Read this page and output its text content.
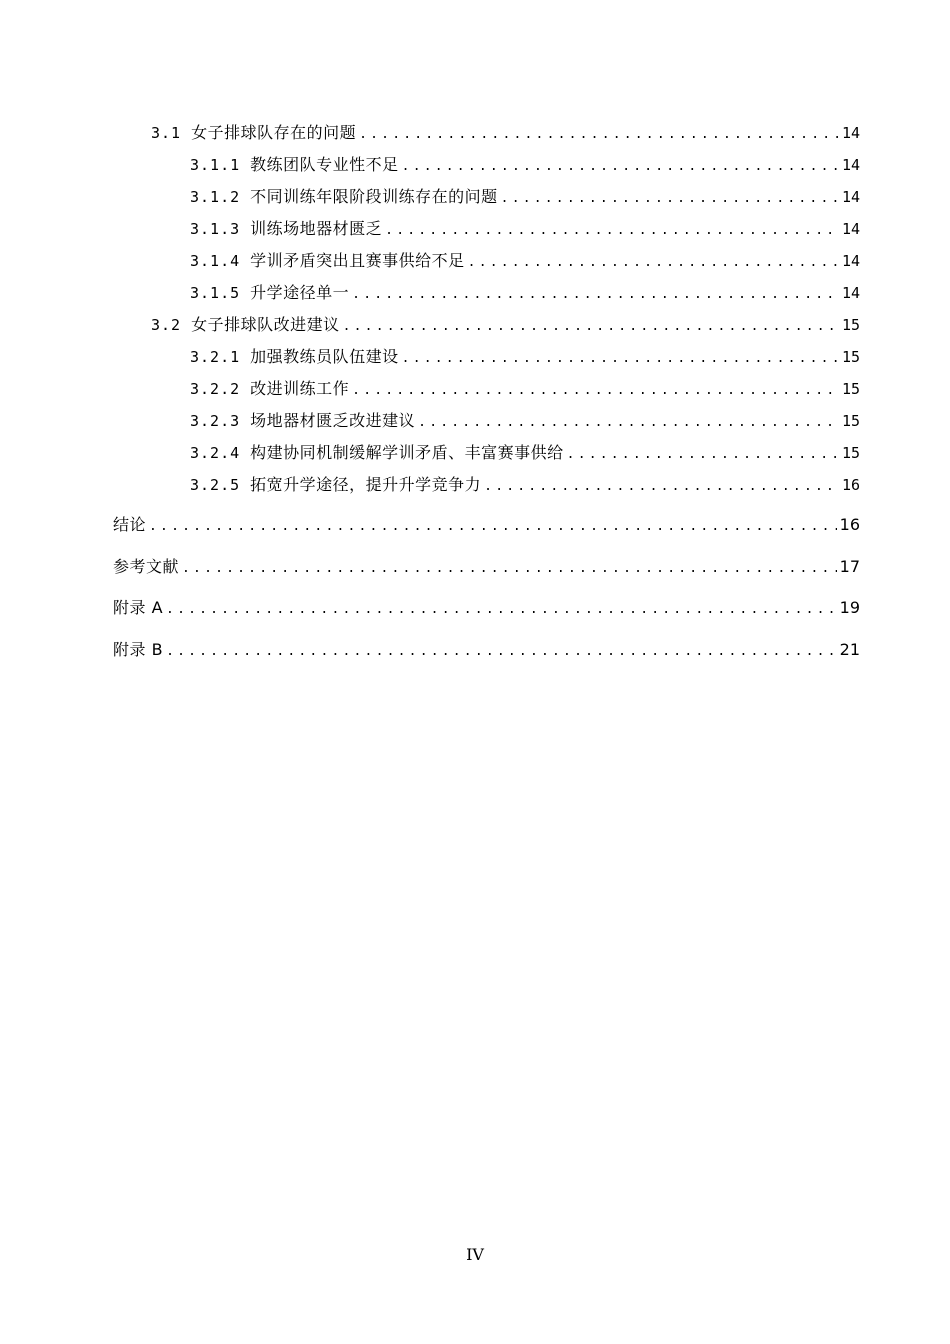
3.1 女子排球队存在的问题 .....	14
3.1.1 教练团队专业性不足 .....	14
3.1.2 不同训练年限阶段训练存在的问题 .....	14
3.1.3 训练场地器材匮乏 .....	14
3.1.4 学训矛盾突出且赛事供给不足 .....	14
3.1.5 升学途径单一 .....	14
3.2 女子排球队改进建议 .....	15
3.2.1 加强教练员队伍建设 .....	15
3.2.2 改进训练工作 .....	15
3.2.3 场地器材匮乏改进建议 .....	15
3.2.4 构建协同机制缓解学训矛盾、丰富赛事供给 .....	15
3.2.5 拓宽升学途径，提升升学竞争力 .....	16
结论 .....	16
参考文献 .....	17
附录 A .....	19
附录 B .....	21
IV
